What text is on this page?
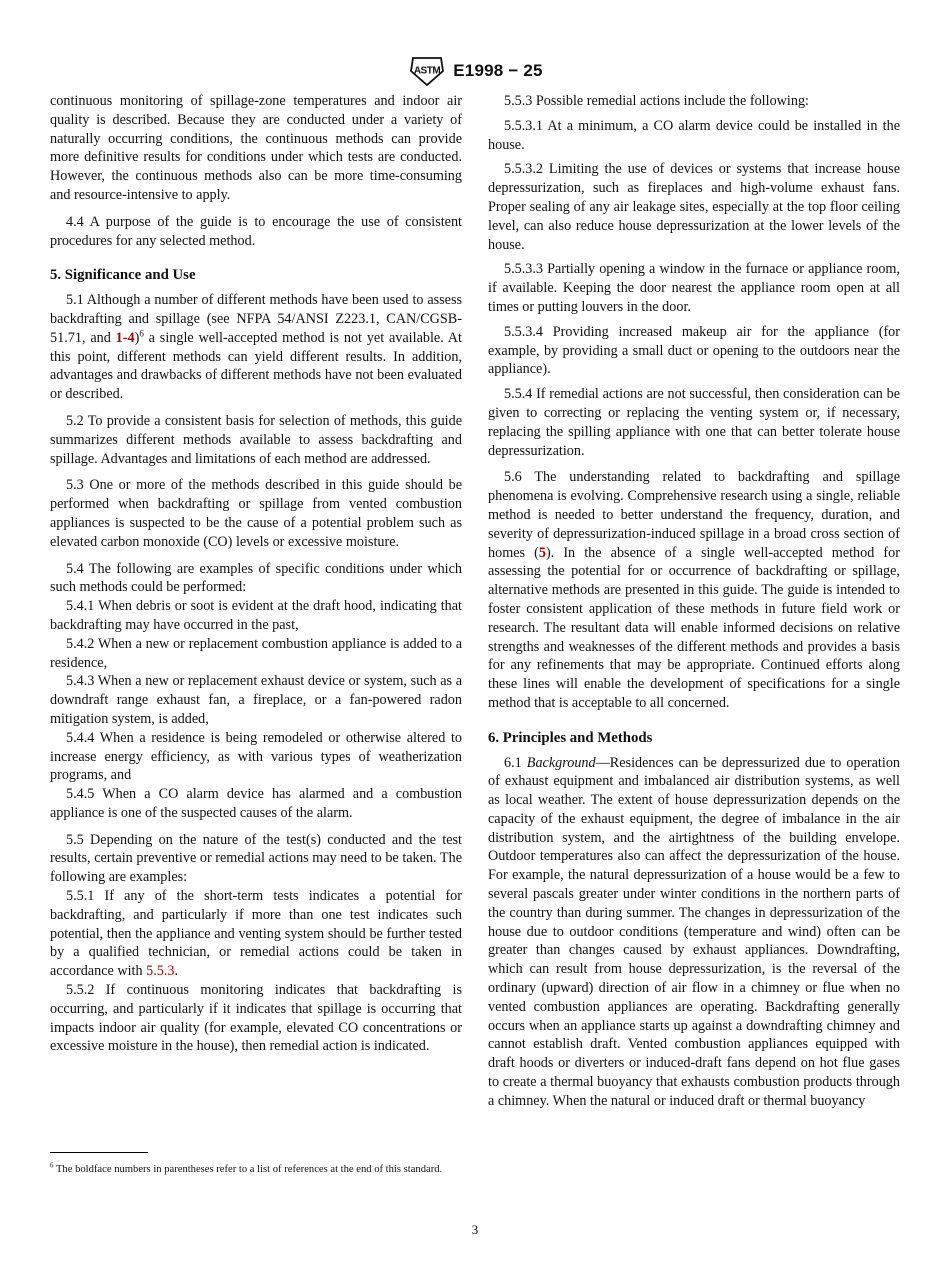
ASTM E1998 − 25

continuous monitoring of spillage-zone temperatures and indoor air quality is described. Because they are conducted under a variety of naturally occurring conditions, the continuous methods can provide more definitive results for conditions under which tests are conducted. However, the continuous methods also can be more time-consuming and resource-intensive to apply.

4.4 A purpose of the guide is to encourage the use of consistent procedures for any selected method.

5. Significance and Use

5.1 Although a number of different methods have been used to assess backdrafting and spillage (see NFPA 54/ANSI Z223.1, CAN/CGSB-51.71, and 1-4)$^6$ a single well-accepted method is not yet available. At this point, different methods can yield different results. In addition, advantages and drawbacks of different methods have not been evaluated or described.

5.2 To provide a consistent basis for selection of methods, this guide summarizes different methods available to assess backdrafting and spillage. Advantages and limitations of each method are addressed.

5.3 One or more of the methods described in this guide should be performed when backdrafting or spillage from vented combustion appliances is suspected to be the cause of a potential problem such as elevated carbon monoxide (CO) levels or excessive moisture.

5.4 The following are examples of specific conditions under which such methods could be performed:

5.4.1 When debris or soot is evident at the draft hood, indicating that backdrafting may have occurred in the past,

5.4.2 When a new or replacement combustion appliance is added to a residence,

5.4.3 When a new or replacement exhaust device or system, such as a downdraft range exhaust fan, a fireplace, or a fan-powered radon mitigation system, is added,

5.4.4 When a residence is being remodeled or otherwise altered to increase energy efficiency, as with various types of weatherization programs, and

5.4.5 When a CO alarm device has alarmed and a combustion appliance is one of the suspected causes of the alarm.

5.5 Depending on the nature of the test(s) conducted and the test results, certain preventive or remedial actions may need to be taken. The following are examples:

5.5.1 If any of the short-term tests indicates a potential for backdrafting, and particularly if more than one test indicates such potential, then the appliance and venting system should be further tested by a qualified technician, or remedial actions could be taken in accordance with 5.5.3.

5.5.2 If continuous monitoring indicates that backdrafting is occurring, and particularly if it indicates that spillage is occurring that impacts indoor air quality (for example, elevated CO concentrations or excessive moisture in the house), then remedial action is indicated.

5.5.3 Possible remedial actions include the following:

5.5.3.1 At a minimum, a CO alarm device could be installed in the house.

5.5.3.2 Limiting the use of devices or systems that increase house depressurization, such as fireplaces and high-volume exhaust fans. Proper sealing of any air leakage sites, especially at the top floor ceiling level, can also reduce house depressurization at the lower levels of the house.

5.5.3.3 Partially opening a window in the furnace or appliance room, if available. Keeping the door nearest the appliance room open at all times or putting louvers in the door.

5.5.3.4 Providing increased makeup air for the appliance (for example, by providing a small duct or opening to the outdoors near the appliance).

5.5.4 If remedial actions are not successful, then consideration can be given to correcting or replacing the venting system or, if necessary, replacing the spilling appliance with one that can better tolerate house depressurization.

5.6 The understanding related to backdrafting and spillage phenomena is evolving. Comprehensive research using a single, reliable method is needed to better understand the frequency, duration, and severity of depressurization-induced spillage in a broad cross section of homes (5). In the absence of a single well-accepted method for assessing the potential for or occurrence of backdrafting or spillage, alternative methods are presented in this guide. The guide is intended to foster consistent application of these methods in future field work or research. The resultant data will enable informed decisions on relative strengths and weaknesses of the different methods and provides a basis for any refinements that may be appropriate. Continued efforts along these lines will enable the development of specifications for a single method that is acceptable to all concerned.

6. Principles and Methods

6.1 Background—Residences can be depressurized due to operation of exhaust equipment and imbalanced air distribution systems, as well as local weather. The extent of house depressurization depends on the capacity of the exhaust equipment, the degree of imbalance in the air distribution system, and the airtightness of the building envelope. Outdoor temperatures also can affect the depressurization of the house. For example, the natural depressurization of a house would be a few to several pascals greater under winter conditions in the northern parts of the country than during summer. The changes in depressurization of the house due to outdoor conditions (temperature and wind) often can be greater than changes caused by exhaust appliances. Downdrafting, which can result from house depressurization, is the reversal of the ordinary (upward) direction of air flow in a chimney or flue when no vented combustion appliances are operating. Backdrafting generally occurs when an appliance starts up against a downdrafting chimney and cannot establish draft. Vented combustion appliances equipped with draft hoods or diverters or induced-draft fans depend on hot flue gases to create a thermal buoyancy that exhausts combustion products through a chimney. When the natural or induced draft or thermal buoyancy

$^6$ The boldface numbers in parentheses refer to a list of references at the end of this standard.
3
